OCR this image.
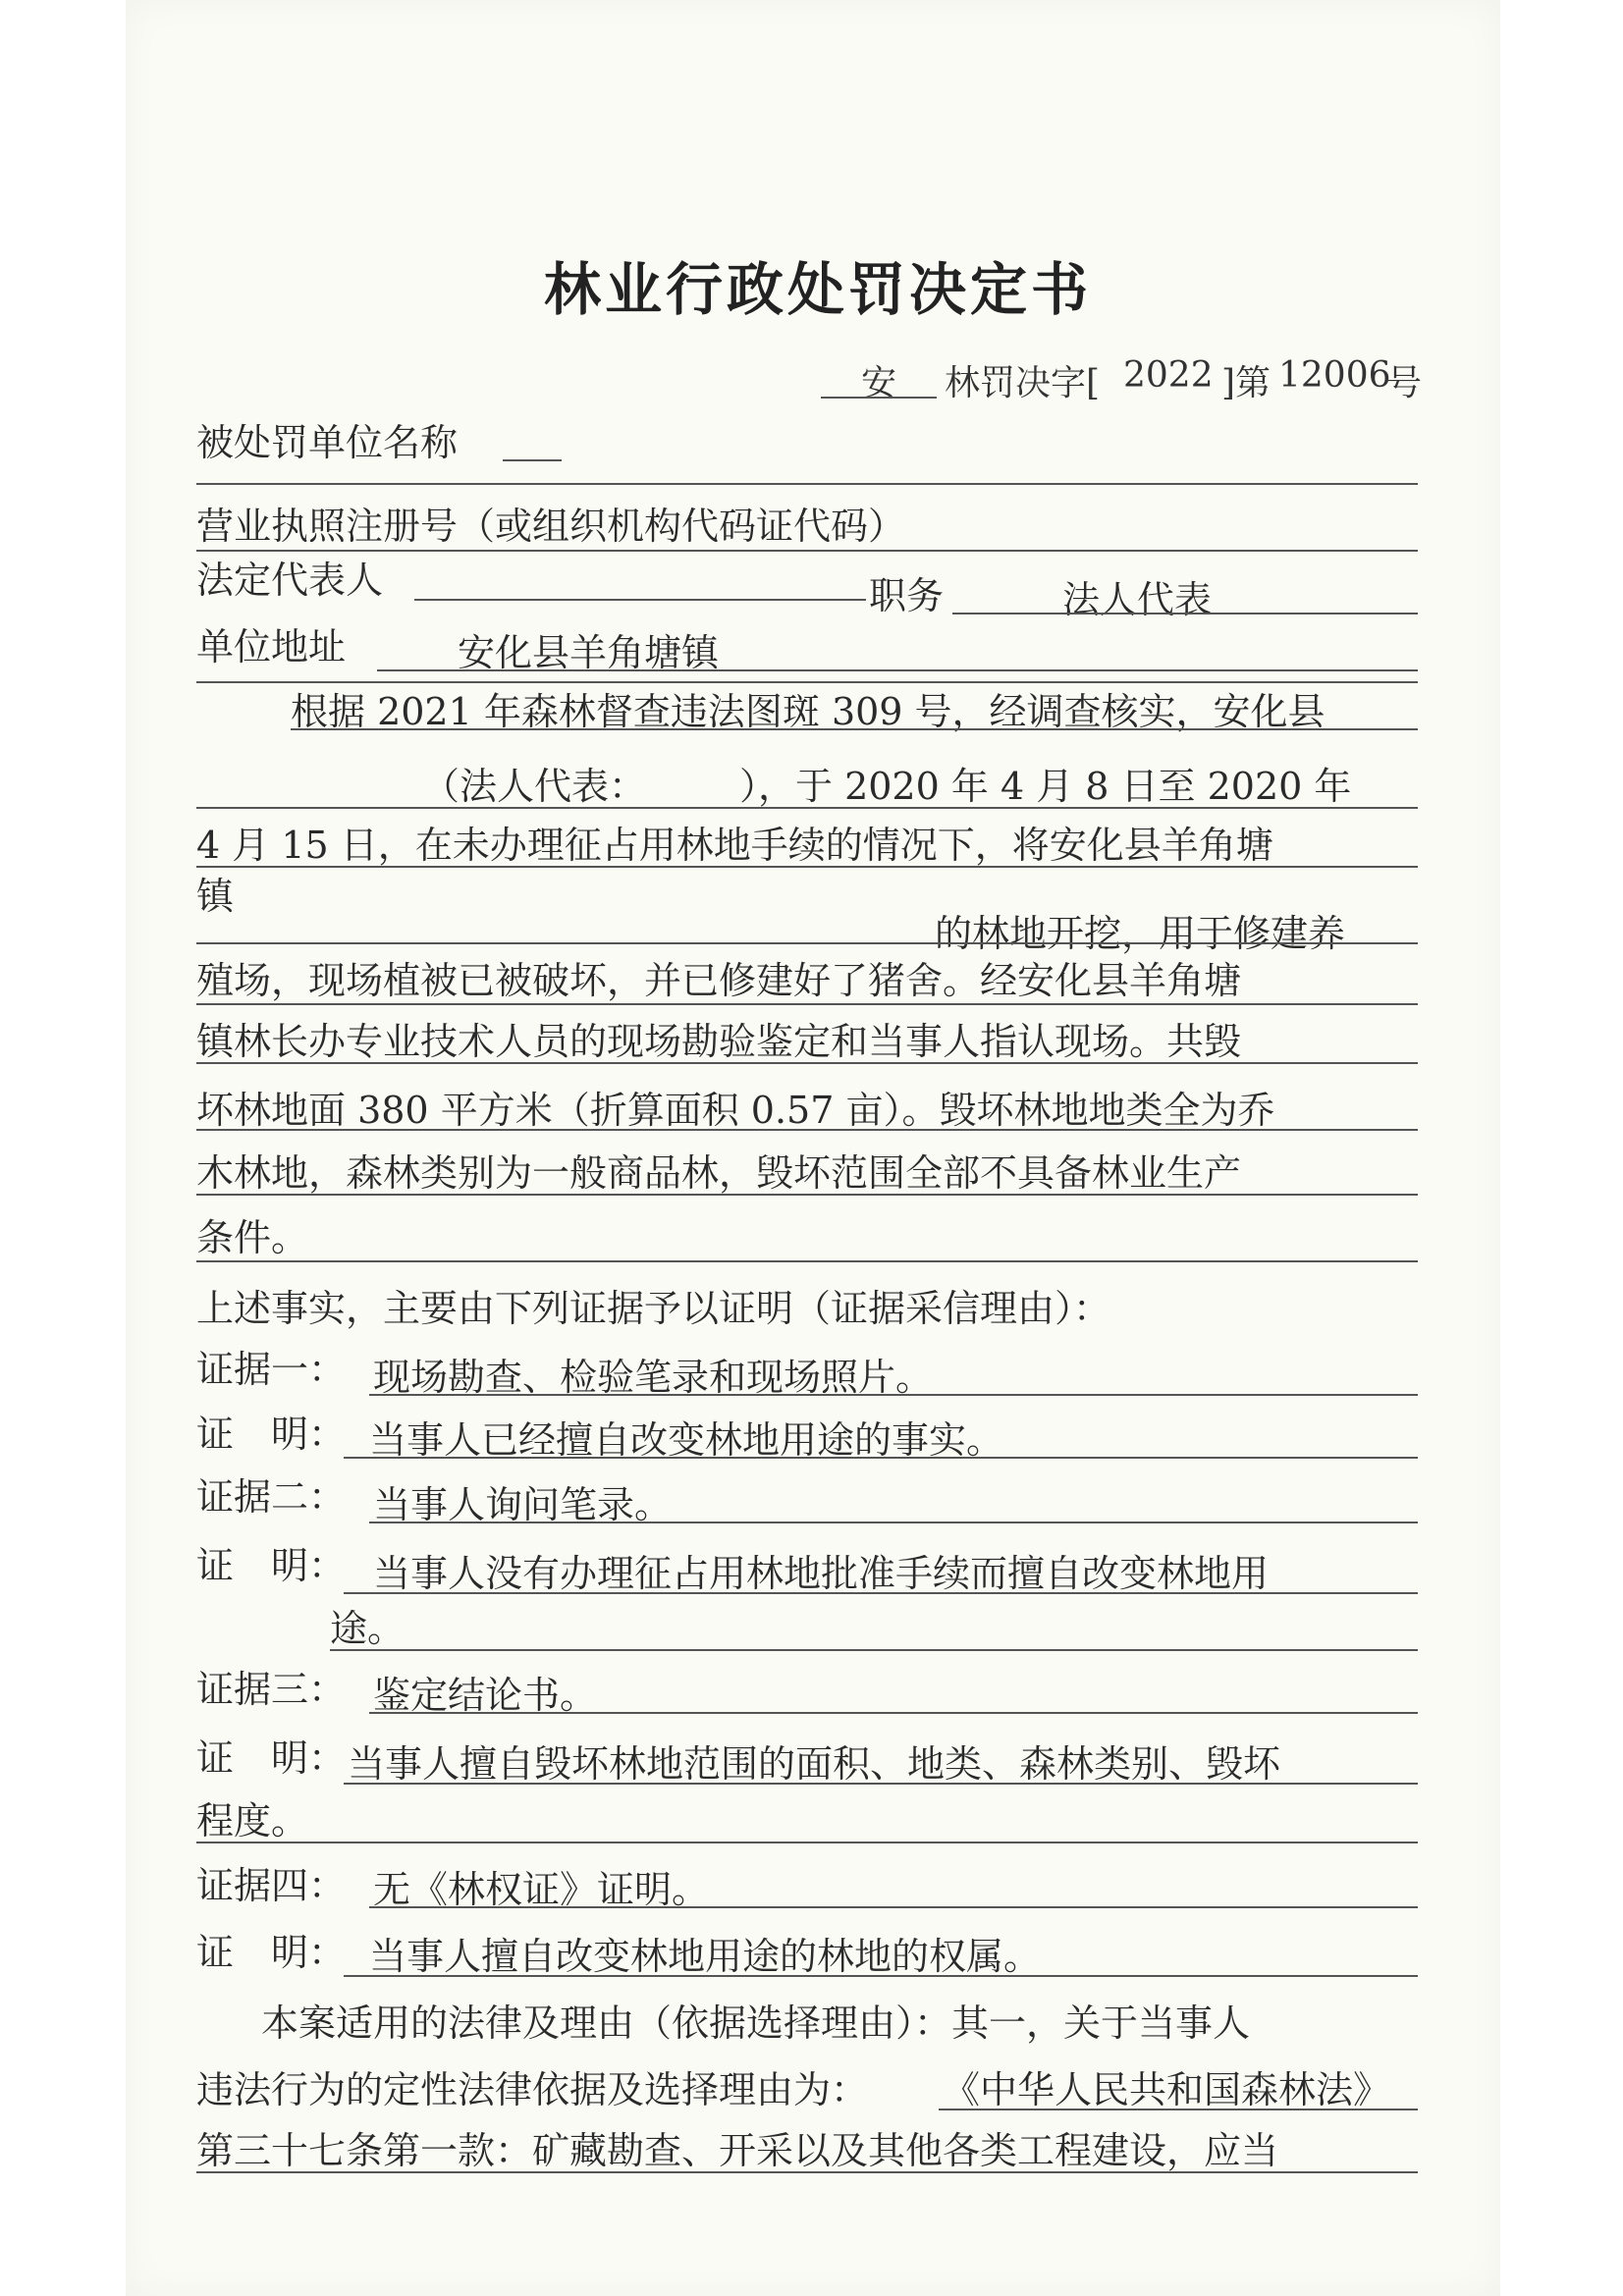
林业行政处罚决定书
安 林罚决字[ 2022 ]第 12006
号
被处罚单位名称
营业执照注册号（或组织机构代码证代码）
法定代表人	职务	法人代表
单位地址	安化县羊角塘镇
根据 2021 年森林督查违法图斑 309 号，经调查核实，安化县
（法人代表：　　　），于 2020 年 4 月 8 日至 2020 年
4 月 15 日，在未办理征占用林地手续的情况下，将安化县羊角塘
镇
的林地开挖，用于修建养
殖场，现场植被已被破坏，并已修建好了猪舍。经安化县羊角塘
镇林长办专业技术人员的现场勘验鉴定和当事人指认现场。共毁
坏林地面 380 平方米（折算面积 0.57 亩）。毁坏林地地类全为乔
木林地，森林类别为一般商品林，毁坏范围全部不具备林业生产
条件。
上述事实，主要由下列证据予以证明（证据采信理由）：
证据一： 现场勘查、检验笔录和现场照片。
证　明： 当事人已经擅自改变林地用途的事实。
证据二： 当事人询问笔录。
证　明： 当事人没有办理征占用林地批准手续而擅自改变林地用
途。
证据三： 鉴定结论书。
证　明： 当事人擅自毁坏林地范围的面积、地类、森林类别、毁坏
程度。
证据四： 无《林权证》证明。
证　明： 当事人擅自改变林地用途的林地的权属。
本案适用的法律及理由（依据选择理由）：其一，关于当事人
违法行为的定性法律依据及选择理由为： 《中华人民共和国森林法》
第三十七条第一款：矿藏勘查、开采以及其他各类工程建设，应当
